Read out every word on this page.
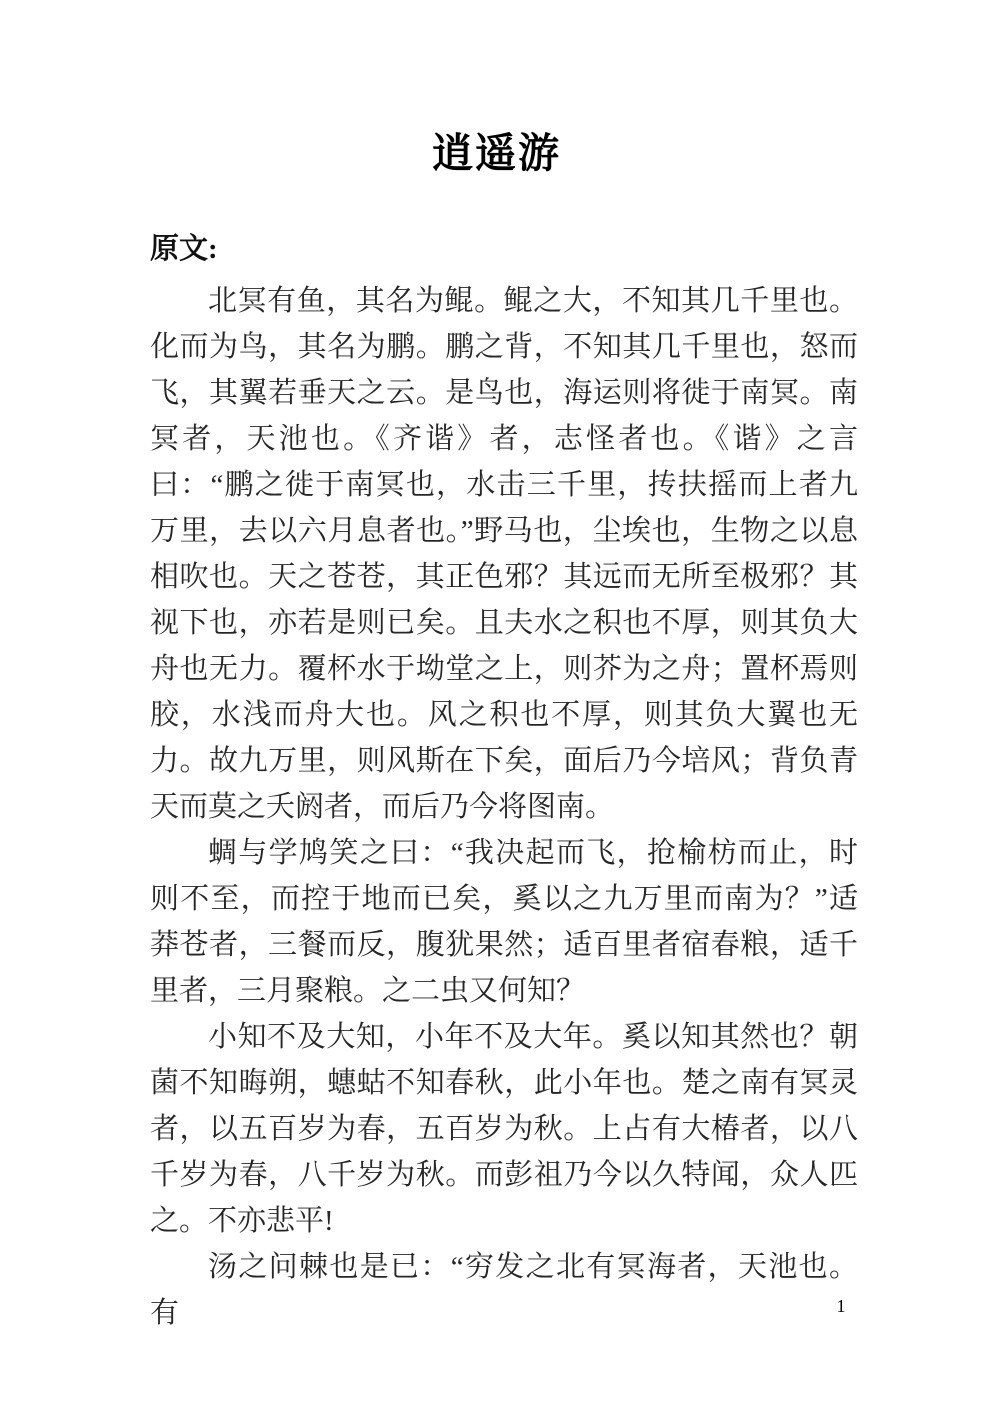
逍遥游
原文:

北冥有鱼，其名为鲲。鲲之大，不知其几千里也。化而为鸟，其名为鹏。鹏之背，不知其几千里也，怒而飞，其翼若垂天之云。是鸟也，海运则将徙于南冥。南冥者，天池也。《齐谐》者，志怪者也。《谐》之言曰：“鹏之徙于南冥也，水击三千里，抟扶摇而上者九万里，去以六月息者也。”野马也，尘埃也，生物之以息相吹也。天之苍苍，其正色邪？其远而无所至极邪？其视下也，亦若是则已矣。且夫水之积也不厚，则其负大舟也无力。覆杯水于坳堂之上，则芥为之舟；置杯焉则胶，水浅而舟大也。风之积也不厚，则其负大翼也无力。故九万里，则风斯在下矣，面后乃今培风；背负青天而莫之夭阏者，而后乃今将图南。

蜩与学鸠笑之曰：“我决起而飞，抢榆枋而止，时则不至，而控于地而已矣，奚以之九万里而南为？”适莽苍者，三餐而反，腹犹果然；适百里者宿春粮，适千里者，三月聚粮。之二虫又何知？

小知不及大知，小年不及大年。奚以知其然也？朝菌不知晦朔，蟪蛄不知春秋，此小年也。楚之南有冥灵者，以五百岁为春，五百岁为秋。上占有大椿者，以八千岁为春，八千岁为秋。而彭祖乃今以久特闻，众人匹之。不亦悲平!

汤之问棘也是已：“穷发之北有冥海者，天池也。有	1
